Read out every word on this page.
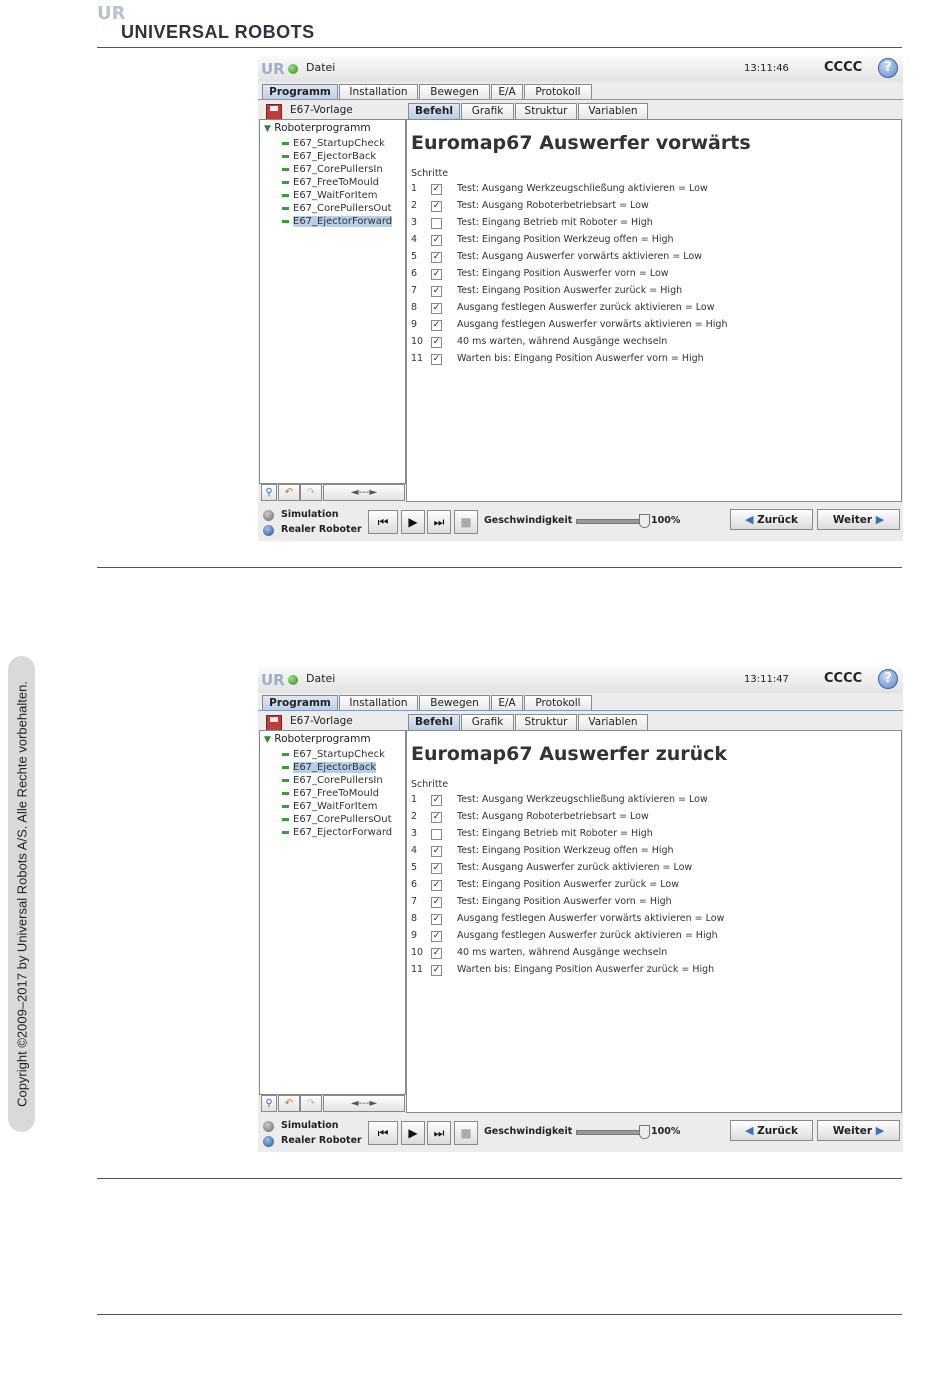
UR
UNIVERSAL ROBOTS
Copyright ©2009–2017 by Universal Robots A/S. Alle Rechte vorbehalten.
UR Datei	13:11:46	CCCC	?
Programm	Installation	Bewegen	E/A	Protokoll
E67-Vorlage
▼ Roboterprogramm
E67_StartupCheck
E67_EjectorBack
E67_CorePullersIn
E67_FreeToMould
E67_WaitForItem
E67_CorePullersOut
E67_EjectorForward
⚲	↶	↷	◄---►
Befehl	Grafik	Struktur	Variablen
Euromap67 Auswerfer vorwärts
Schritte
1 ✓ Test: Ausgang Werkzeugschließung aktivieren = Low
2 ✓ Test: Ausgang Roboterbetriebsart = Low
3	Test: Eingang Betrieb mit Roboter = High
4 ✓ Test: Eingang Position Werkzeug offen = High
5 ✓ Test: Ausgang Auswerfer vorwärts aktivieren = Low
6 ✓ Test: Eingang Position Auswerfer vorn = Low
7 ✓ Test: Eingang Position Auswerfer zurück = High
8 ✓ Ausgang festlegen Auswerfer zurück aktivieren = Low
9 ✓ Ausgang festlegen Auswerfer vorwärts aktivieren = High
10 ✓ 40 ms warten, während Ausgänge wechseln
11 ✓ Warten bis: Eingang Position Auswerfer vorn = High
Simulation
Realer Roboter
⏮	▶	⏭	■	Geschwindigkeit	100%	◀ Zurück	Weiter ▶
UR Datei	13:11:47	CCCC	?
Programm	Installation	Bewegen	E/A	Protokoll
E67-Vorlage
▼ Roboterprogramm
E67_StartupCheck
E67_EjectorBack
E67_CorePullersIn
E67_FreeToMould
E67_WaitForItem
E67_CorePullersOut
E67_EjectorForward
⚲	↶	↷	◄---►
Befehl	Grafik	Struktur	Variablen
Euromap67 Auswerfer zurück
Schritte
1 ✓ Test: Ausgang Werkzeugschließung aktivieren = Low
2 ✓ Test: Ausgang Roboterbetriebsart = Low
3	Test: Eingang Betrieb mit Roboter = High
4 ✓ Test: Eingang Position Werkzeug offen = High
5 ✓ Test: Ausgang Auswerfer zurück aktivieren = Low
6 ✓ Test: Eingang Position Auswerfer zurück = Low
7 ✓ Test: Eingang Position Auswerfer vorn = High
8 ✓ Ausgang festlegen Auswerfer vorwärts aktivieren = Low
9 ✓ Ausgang festlegen Auswerfer zurück aktivieren = High
10 ✓ 40 ms warten, während Ausgänge wechseln
11 ✓ Warten bis: Eingang Position Auswerfer zurück = High
Simulation
Realer Roboter
⏮	▶	⏭	■	Geschwindigkeit	100%	◀ Zurück	Weiter ▶
